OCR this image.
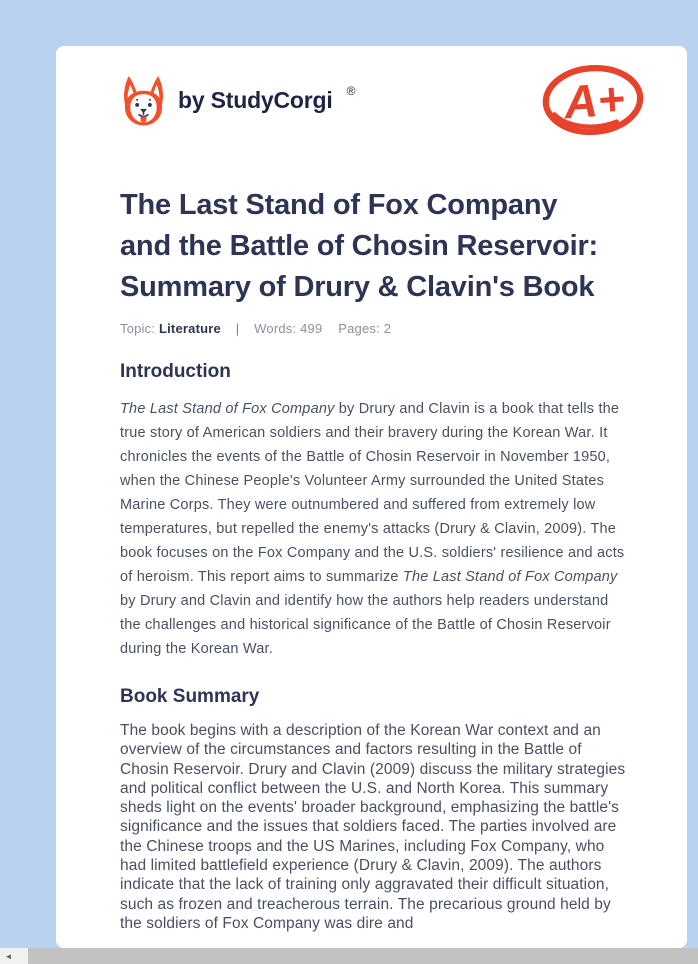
by StudyCorgi ®	A+
The Last Stand of Fox Company
and the Battle of Chosin Reservoir:
Summary of Drury & Clavin's Book
Topic: Literature | Words: 499 Pages: 2
Introduction

The Last Stand of Fox Company by Drury and Clavin is a book that tells the true story of American soldiers and their bravery during the Korean War. It chronicles the events of the Battle of Chosin Reservoir in November 1950, when the Chinese People's Volunteer Army surrounded the United States Marine Corps. They were outnumbered and suffered from extremely low temperatures, but repelled the enemy's attacks (Drury & Clavin, 2009). The book focuses on the Fox Company and the U.S. soldiers' resilience and acts of heroism. This report aims to summarize The Last Stand of Fox Company by Drury and Clavin and identify how the authors help readers understand the challenges and historical significance of the Battle of Chosin Reservoir during the Korean War.

Book Summary

The book begins with a description of the Korean War context and an overview of the circumstances and factors resulting in the Battle of Chosin Reservoir. Drury and Clavin (2009) discuss the military strategies and political conflict between the U.S. and North Korea. This summary sheds light on the events' broader background, emphasizing the battle's significance and the issues that soldiers faced. The parties involved are the Chinese troops and the US Marines, including Fox Company, who had limited battlefield experience (Drury & Clavin, 2009). The authors indicate that the lack of training only aggravated their difficult situation, such as frozen and treacherous terrain. The precarious ground held by the soldiers of Fox Company was dire and

◄
